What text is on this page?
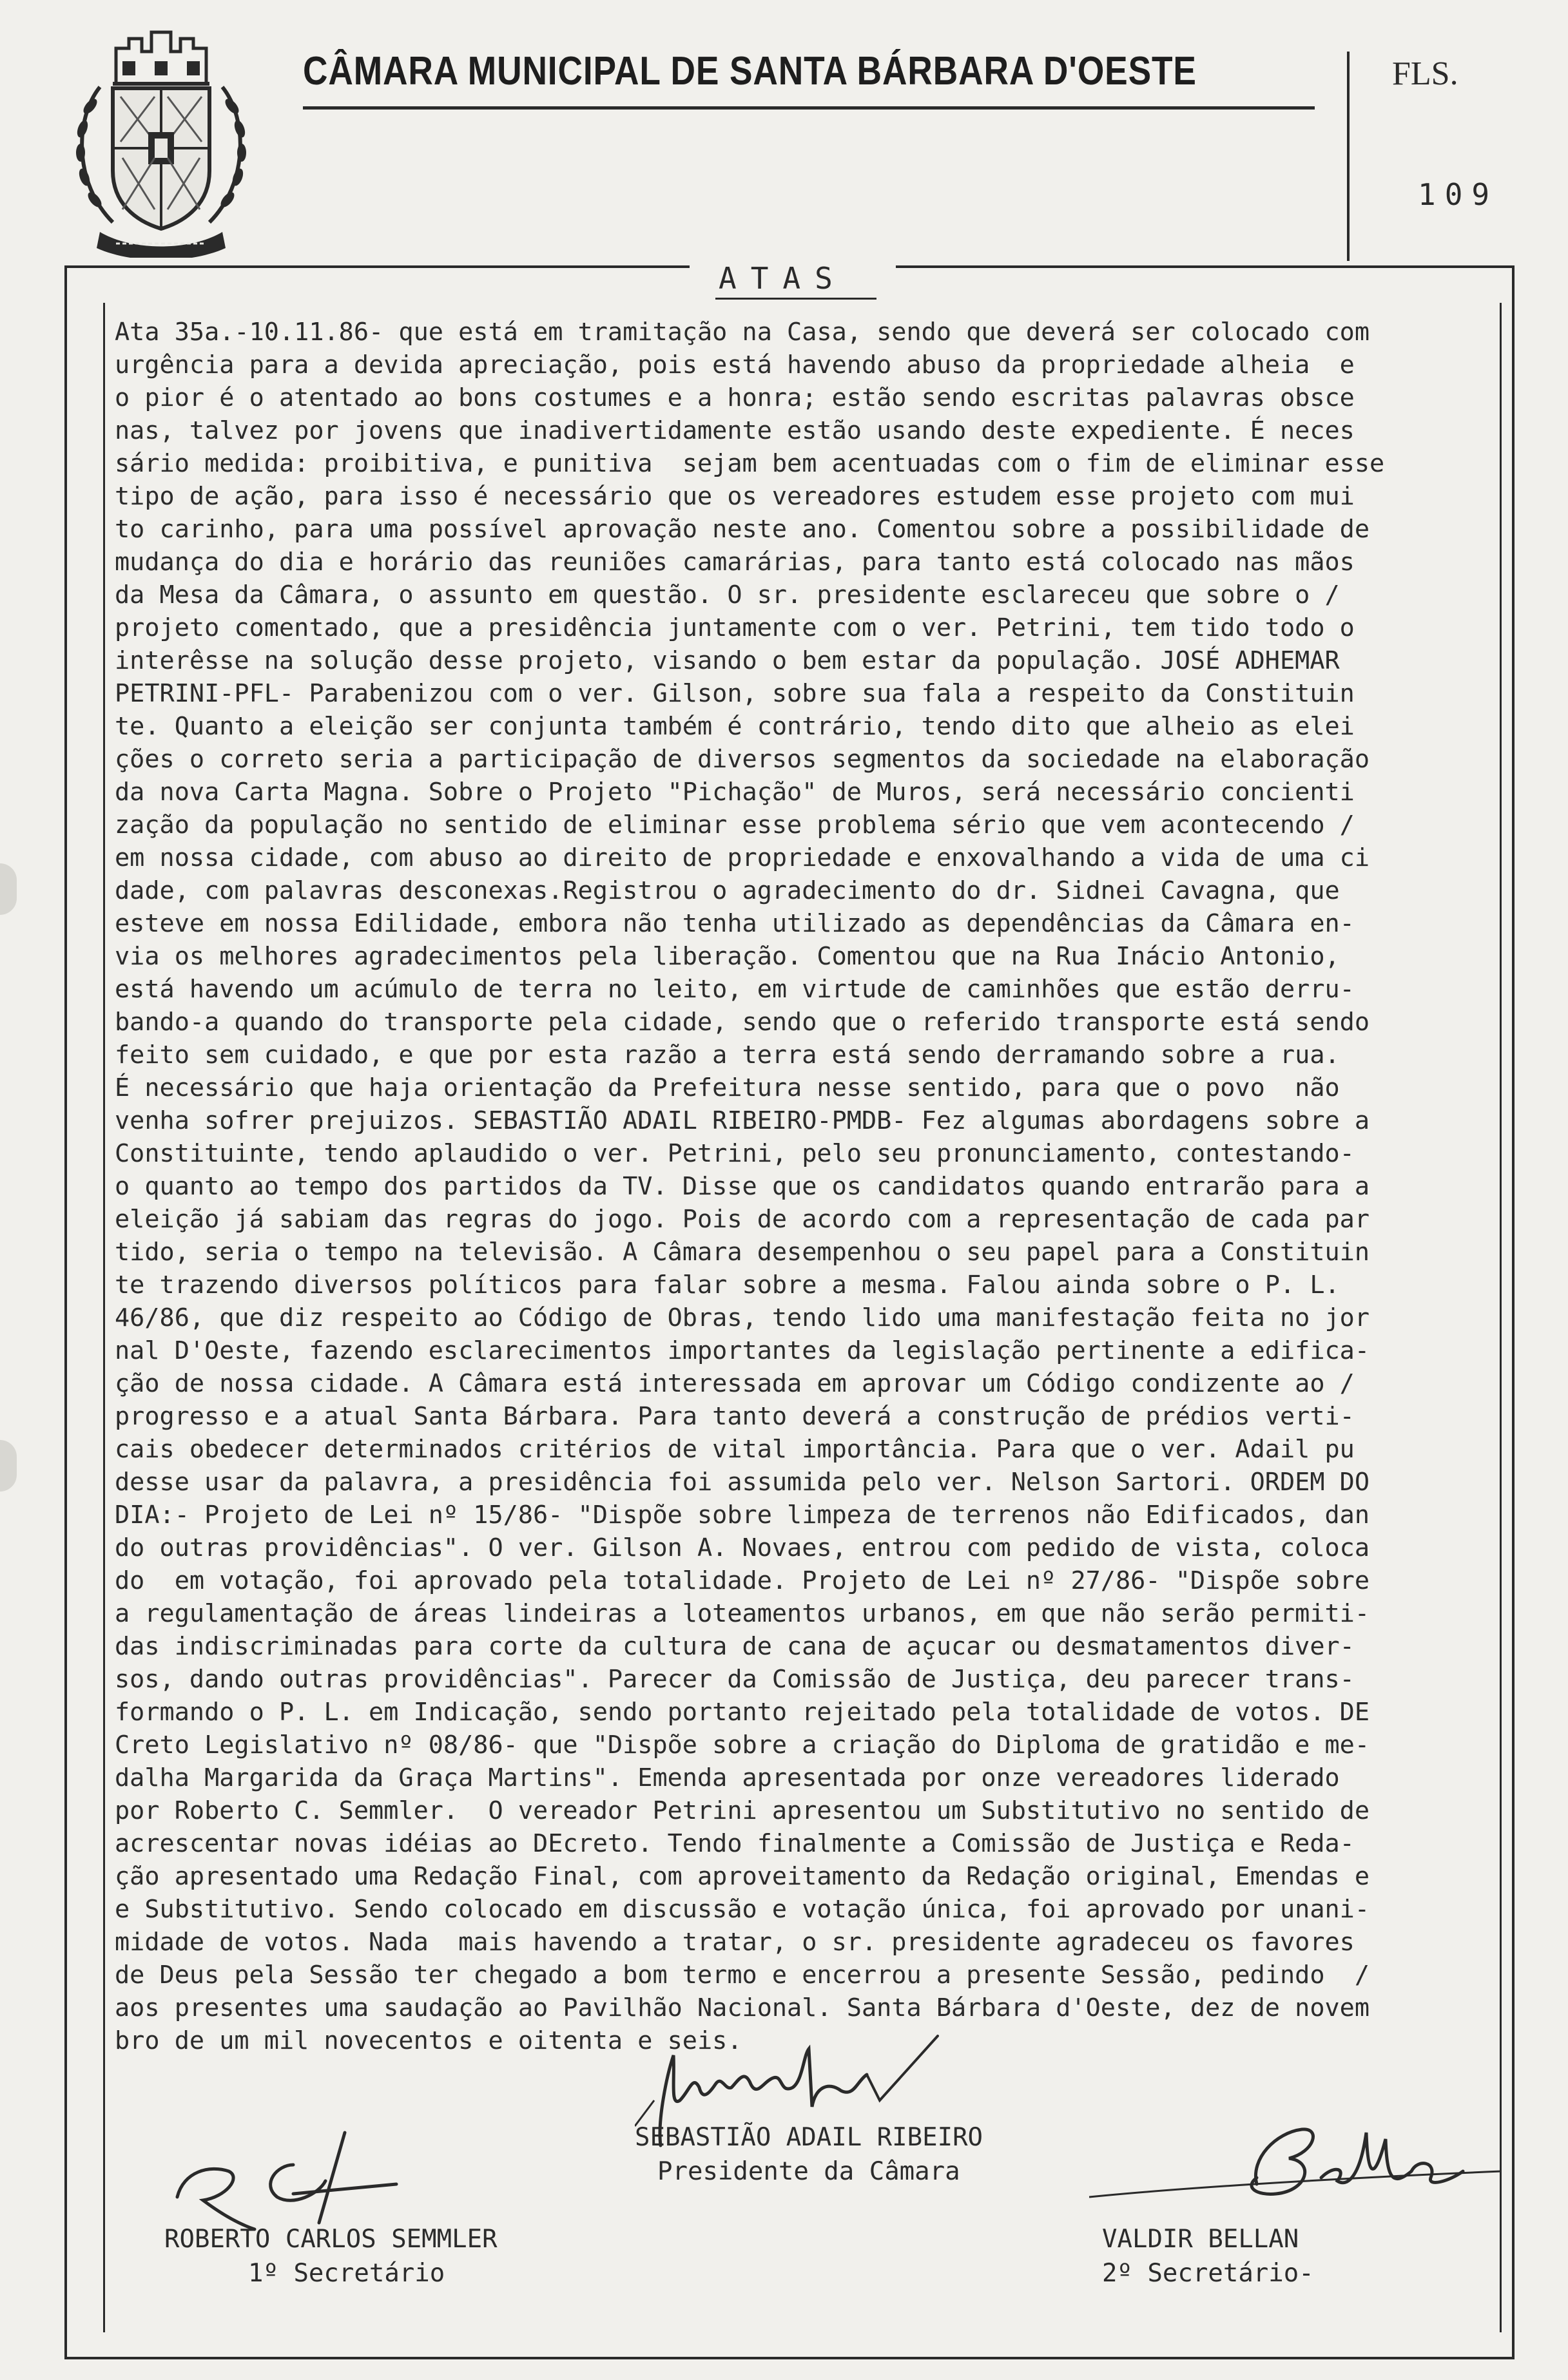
CÂMARA MUNICIPAL DE SANTA BÁRBARA D'OESTE	FLS.
109
ATAS
Ata 35a.-10.11.86- que está em tramitação na Casa, sendo que deverá ser colocado com
urgência para a devida apreciação, pois está havendo abuso da propriedade alheia  e
o pior é o atentado ao bons costumes e a honra; estão sendo escritas palavras obsce
nas, talvez por jovens que inadivertidamente estão usando deste expediente. É neces
sário medida: proibitiva, e punitiva  sejam bem acentuadas com o fim de eliminar esse
tipo de ação, para isso é necessário que os vereadores estudem esse projeto com mui
to carinho, para uma possível aprovação neste ano. Comentou sobre a possibilidade de
mudança do dia e horário das reuniões camarárias, para tanto está colocado nas mãos
da Mesa da Câmara, o assunto em questão. O sr. presidente esclareceu que sobre o /
projeto comentado, que a presidência juntamente com o ver. Petrini, tem tido todo o
interêsse na solução desse projeto, visando o bem estar da população. JOSÉ ADHEMAR
PETRINI-PFL- Parabenizou com o ver. Gilson, sobre sua fala a respeito da Constituin
te. Quanto a eleição ser conjunta também é contrário, tendo dito que alheio as elei
ções o correto seria a participação de diversos segmentos da sociedade na elaboração
da nova Carta Magna. Sobre o Projeto "Pichação" de Muros, será necessário concienti
zação da população no sentido de eliminar esse problema sério que vem acontecendo /
em nossa cidade, com abuso ao direito de propriedade e enxovalhando a vida de uma ci
dade, com palavras desconexas.Registrou o agradecimento do dr. Sidnei Cavagna, que
esteve em nossa Edilidade, embora não tenha utilizado as dependências da Câmara en-
via os melhores agradecimentos pela liberação. Comentou que na Rua Inácio Antonio,
está havendo um acúmulo de terra no leito, em virtude de caminhões que estão derru-
bando-a quando do transporte pela cidade, sendo que o referido transporte está sendo
feito sem cuidado, e que por esta razão a terra está sendo derramando sobre a rua.
É necessário que haja orientação da Prefeitura nesse sentido, para que o povo  não
venha sofrer prejuizos. SEBASTIÃO ADAIL RIBEIRO-PMDB- Fez algumas abordagens sobre a
Constituinte, tendo aplaudido o ver. Petrini, pelo seu pronunciamento, contestando-
o quanto ao tempo dos partidos da TV. Disse que os candidatos quando entrarão para a
eleição já sabiam das regras do jogo. Pois de acordo com a representação de cada par
tido, seria o tempo na televisão. A Câmara desempenhou o seu papel para a Constituin
te trazendo diversos políticos para falar sobre a mesma. Falou ainda sobre o P. L.
46/86, que diz respeito ao Código de Obras, tendo lido uma manifestação feita no jor
nal D'Oeste, fazendo esclarecimentos importantes da legislação pertinente a edifica-
ção de nossa cidade. A Câmara está interessada em aprovar um Código condizente ao /
progresso e a atual Santa Bárbara. Para tanto deverá a construção de prédios verti-
cais obedecer determinados critérios de vital importância. Para que o ver. Adail pu
desse usar da palavra, a presidência foi assumida pelo ver. Nelson Sartori. ORDEM DO
DIA:- Projeto de Lei nº 15/86- "Dispõe sobre limpeza de terrenos não Edificados, dan
do outras providências". O ver. Gilson A. Novaes, entrou com pedido de vista, coloca
do  em votação, foi aprovado pela totalidade. Projeto de Lei nº 27/86- "Dispõe sobre
a regulamentação de áreas lindeiras a loteamentos urbanos, em que não serão permiti-
das indiscriminadas para corte da cultura de cana de açucar ou desmatamentos diver-
sos, dando outras providências". Parecer da Comissão de Justiça, deu parecer trans-
formando o P. L. em Indicação, sendo portanto rejeitado pela totalidade de votos. DE
Creto Legislativo nº 08/86- que "Dispõe sobre a criação do Diploma de gratidão e me-
dalha Margarida da Graça Martins". Emenda apresentada por onze vereadores liderado
por Roberto C. Semmler.  O vereador Petrini apresentou um Substitutivo no sentido de
acrescentar novas idéias ao DEcreto. Tendo finalmente a Comissão de Justiça e Reda-
ção apresentado uma Redação Final, com aproveitamento da Redação original, Emendas e
e Substitutivo. Sendo colocado em discussão e votação única, foi aprovado por unani-
midade de votos. Nada  mais havendo a tratar, o sr. presidente agradeceu os favores
de Deus pela Sessão ter chegado a bom termo e encerrou a presente Sessão, pedindo  /
aos presentes uma saudação ao Pavilhão Nacional. Santa Bárbara d'Oeste, dez de novem
bro de um mil novecentos e oitenta e seis.
SEBASTIÃO ADAIL RIBEIRO
Presidente da Câmara
ROBERTO CARLOS SEMMLER
1º Secretário
VALDIR BELLAN
2º Secretário-
